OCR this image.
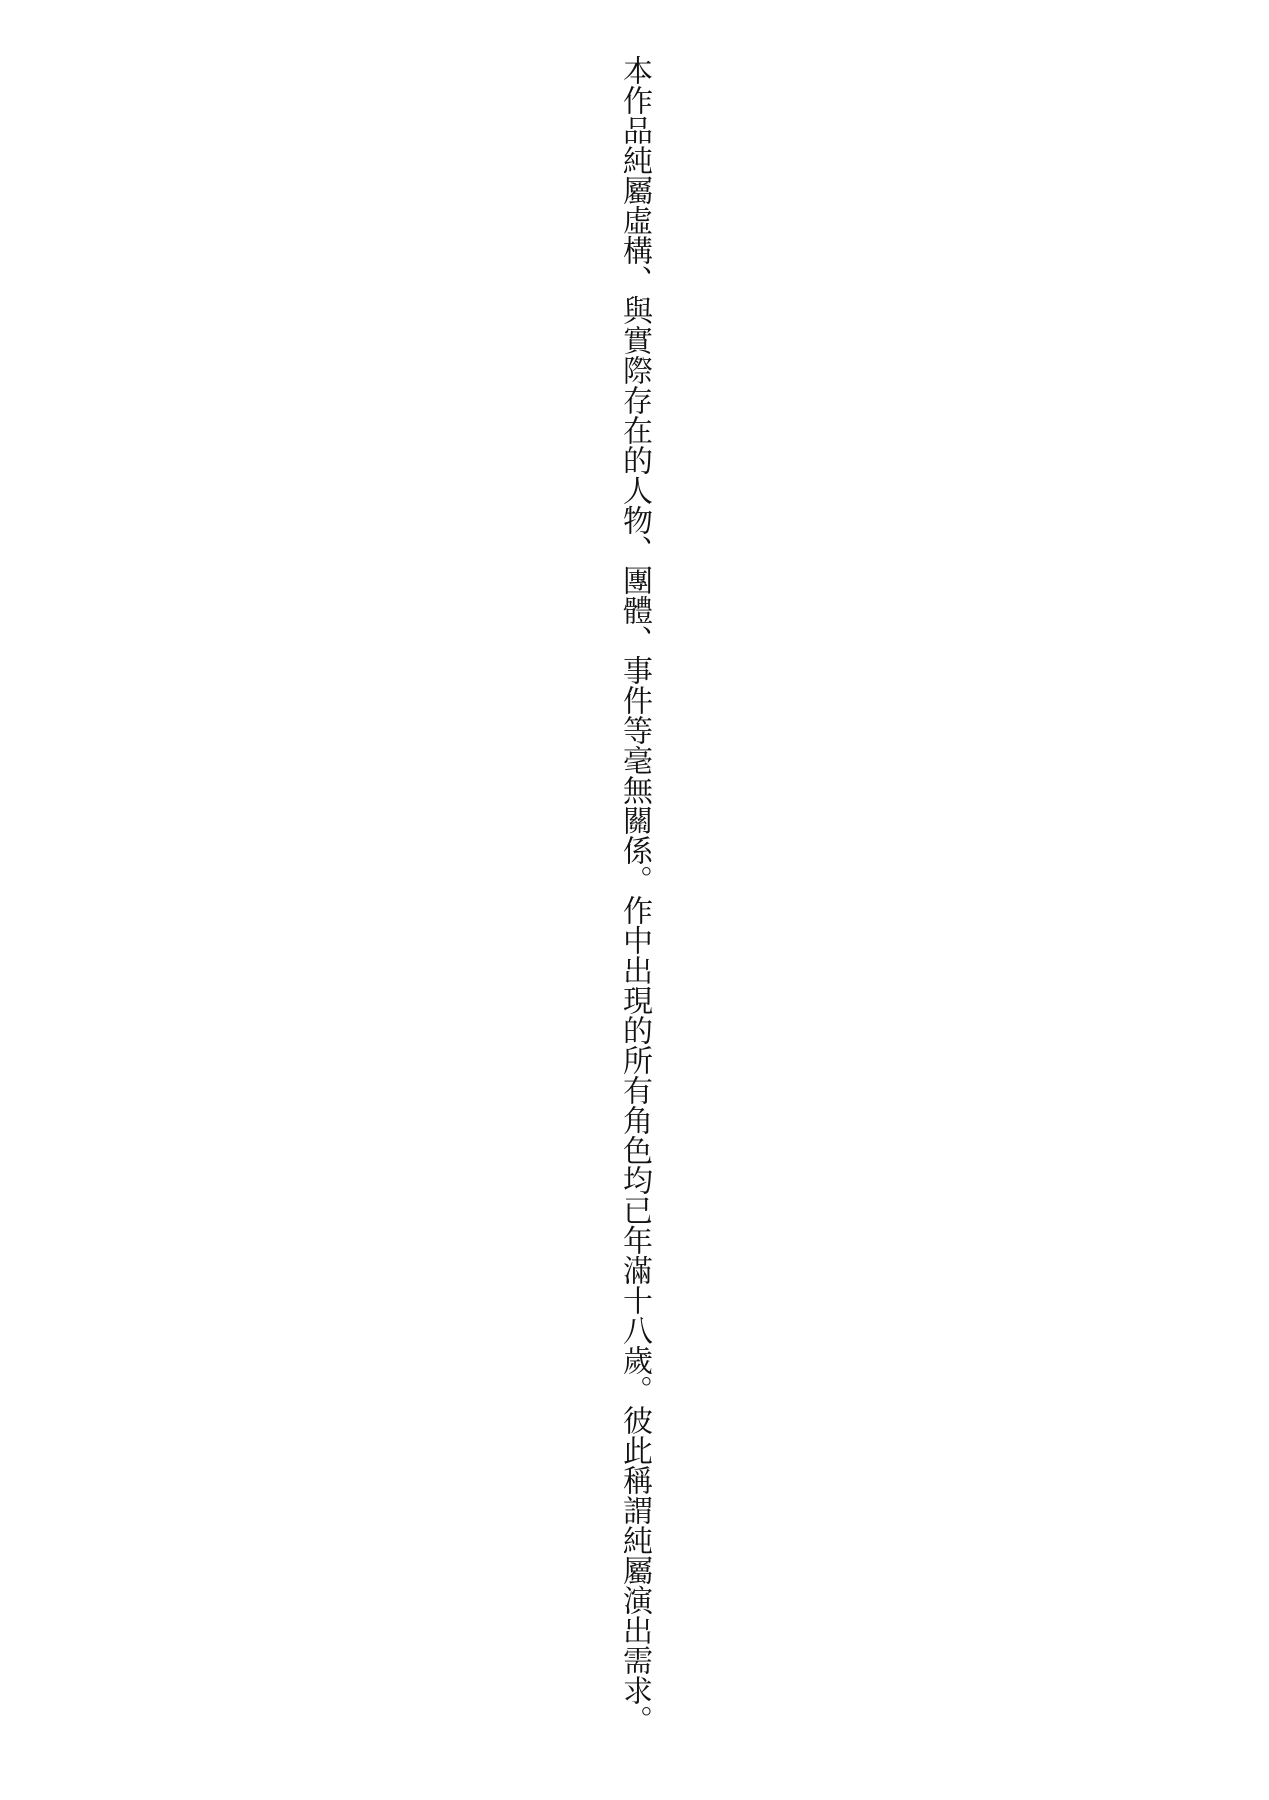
本作品純屬虛構、與實際存在的人物、團體、事件等毫無關係。作中出現的所有角色均已年滿十八歲。彼此稱謂純屬演出需求。
